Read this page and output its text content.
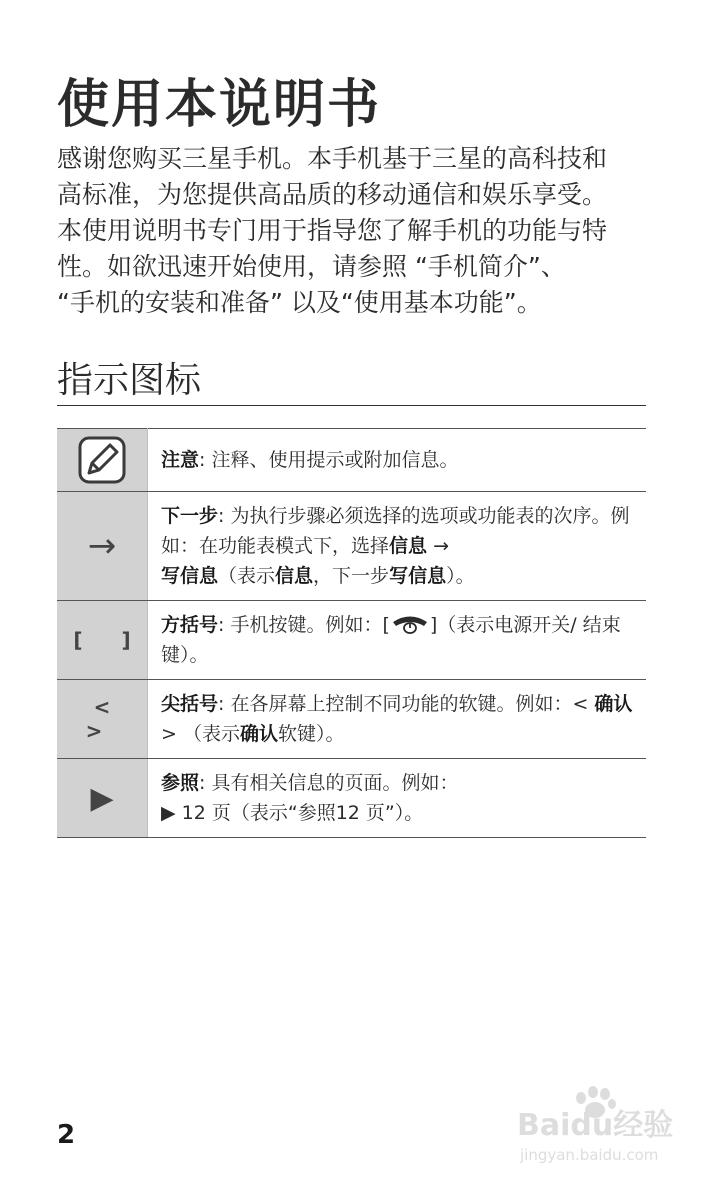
使用本说明书
感谢您购买三星手机。本手机基于三星的高科技和
高标准，为您提供高品质的移动通信和娱乐享受。
本使用说明书专门用于指导您了解手机的功能与特
性。如欲迅速开始使用，请参照 “手机简介”、
“手机的安装和准备” 以及“使用基本功能”。
指示图标
	注意: 注释、使用提示或附加信息。
→	下一步: 为执行步骤必须选择的选项或功能表的次序。例如：在功能表模式下，选择信息 →
写信息（表示信息，下一步写信息）。
[ ]	方括号: 手机按键。例如：[ ]（表示电源开关/ 结束键）。
< >	尖括号: 在各屏幕上控制不同功能的软键。例如：< 确认> （表示确认软键）。
▶	参照: 具有相关信息的页面。例如：
▶ 12 页（表示“参照12 页”）。
2	Baidu经验
jingyan.baidu.com
